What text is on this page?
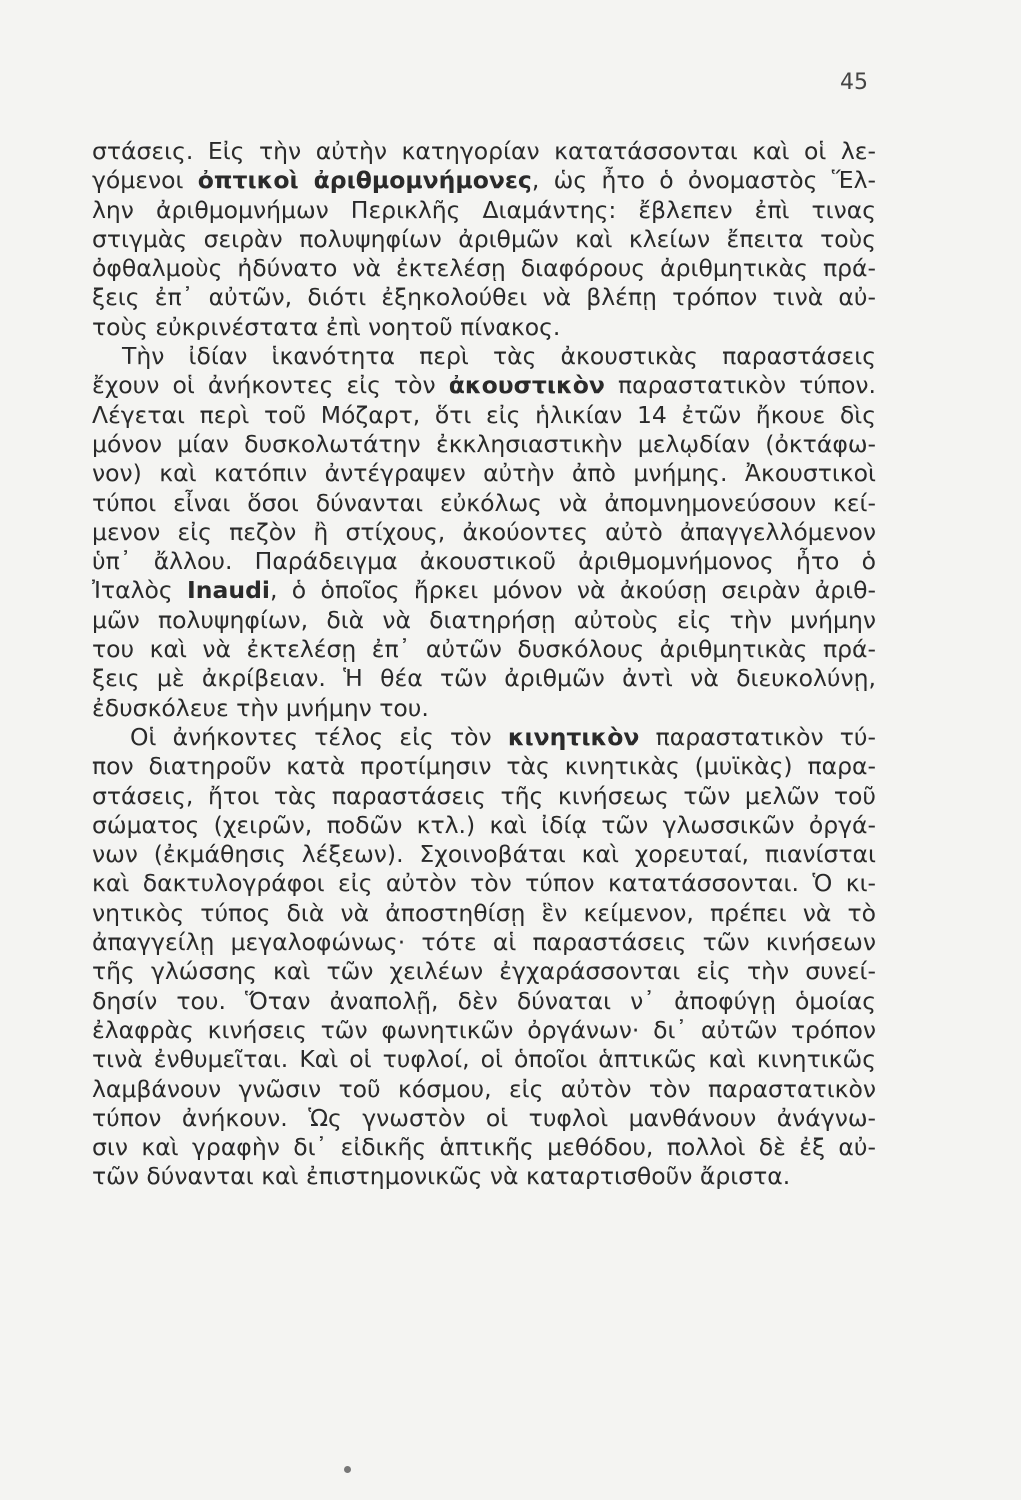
45
στάσεις. Εἰς τὴν αὐτὴν κατηγορίαν κατατάσσονται καὶ οἱ λε-
γόμενοι ὀπτικοὶ ἀριθμομνήμονες, ὡς ἦτο ὁ ὀνομαστὸς Ἕλ-
λην ἀριθμομνήμων Περικλῆς Διαμάντης: ἔβλεπεν ἐπὶ τινας
στιγμὰς σειρὰν πολυψηφίων ἀριθμῶν καὶ κλείων ἔπειτα τοὺς
ὀφθαλμοὺς ἠδύνατο νὰ ἐκτελέσῃ διαφόρους ἀριθμητικὰς πρά-
ξεις ἐπ᾽ αὐτῶν, διότι ἐξηκολούθει νὰ βλέπῃ τρόπον τινὰ αὐ-
τοὺς εὐκρινέστατα ἐπὶ νοητοῦ πίνακος.
Τὴν ἰδίαν ἱκανότητα περὶ τὰς ἀκουστικὰς παραστάσεις
ἔχουν οἱ ἀνήκοντες εἰς τὸν ἀκουστικὸν παραστατικὸν τύπον.
Λέγεται περὶ τοῦ Μόζαρτ, ὅτι εἰς ἡλικίαν 14 ἐτῶν ἤκουε δὶς
μόνον μίαν δυσκολωτάτην ἐκκλησιαστικὴν μελῳδίαν (ὀκτάφω-
νον) καὶ κατόπιν ἀντέγραψεν αὐτὴν ἀπὸ μνήμης. Ἀκουστικοὶ
τύποι εἶναι ὅσοι δύνανται εὐκόλως νὰ ἀπομνημονεύσουν κεί-
μενον εἰς πεζὸν ἢ στίχους, ἀκούοντες αὐτὸ ἀπαγγελλόμενον
ὑπ᾽ ἄλλου. Παράδειγμα ἀκουστικοῦ ἀριθμομνήμονος ἦτο ὁ
Ἰταλὸς Inaudi, ὁ ὁποῖος ἤρκει μόνον νὰ ἀκούσῃ σειρὰν ἀριθ-
μῶν πολυψηφίων, διὰ νὰ διατηρήσῃ αὐτοὺς εἰς τὴν μνήμην
του καὶ νὰ ἐκτελέσῃ ἐπ᾽ αὐτῶν δυσκόλους ἀριθμητικὰς πρά-
ξεις μὲ ἀκρίβειαν. Ἡ θέα τῶν ἀριθμῶν ἀντὶ νὰ διευκολύνῃ,
ἐδυσκόλευε τὴν μνήμην του.
Οἱ ἀνήκοντες τέλος εἰς τὸν κινητικὸν παραστατικὸν τύ-
πον διατηροῦν κατὰ προτίμησιν τὰς κινητικὰς (μυϊκὰς) παρα-
στάσεις, ἤτοι τὰς παραστάσεις τῆς κινήσεως τῶν μελῶν τοῦ
σώματος (χειρῶν, ποδῶν κτλ.) καὶ ἰδίᾳ τῶν γλωσσικῶν ὀργά-
νων (ἐκμάθησις λέξεων). Σχοινοβάται καὶ χορευταί, πιανίσται
καὶ δακτυλογράφοι εἰς αὐτὸν τὸν τύπον κατατάσσονται. Ὁ κι-
νητικὸς τύπος διὰ νὰ ἀποστηθίσῃ ἓν κείμενον, πρέπει νὰ τὸ
ἀπαγγείλῃ μεγαλοφώνως· τότε αἱ παραστάσεις τῶν κινήσεων
τῆς γλώσσης καὶ τῶν χειλέων ἐγχαράσσονται εἰς τὴν συνεί-
δησίν του. Ὅταν ἀναπολῇ, δὲν δύναται ν᾽ ἀποφύγῃ ὁμοίας
ἐλαφρὰς κινήσεις τῶν φωνητικῶν ὀργάνων· δι᾽ αὐτῶν τρόπον
τινὰ ἐνθυμεῖται. Καὶ οἱ τυφλοί, οἱ ὁποῖοι ἁπτικῶς καὶ κινητικῶς
λαμβάνουν γνῶσιν τοῦ κόσμου, εἰς αὐτὸν τὸν παραστατικὸν
τύπον ἀνήκουν. Ὡς γνωστὸν οἱ τυφλοὶ μανθάνουν ἀνάγνω-
σιν καὶ γραφὴν δι᾽ εἰδικῆς ἁπτικῆς μεθόδου, πολλοὶ δὲ ἐξ αὐ-
τῶν δύνανται καὶ ἐπιστημονικῶς νὰ καταρτισθοῦν ἄριστα.
